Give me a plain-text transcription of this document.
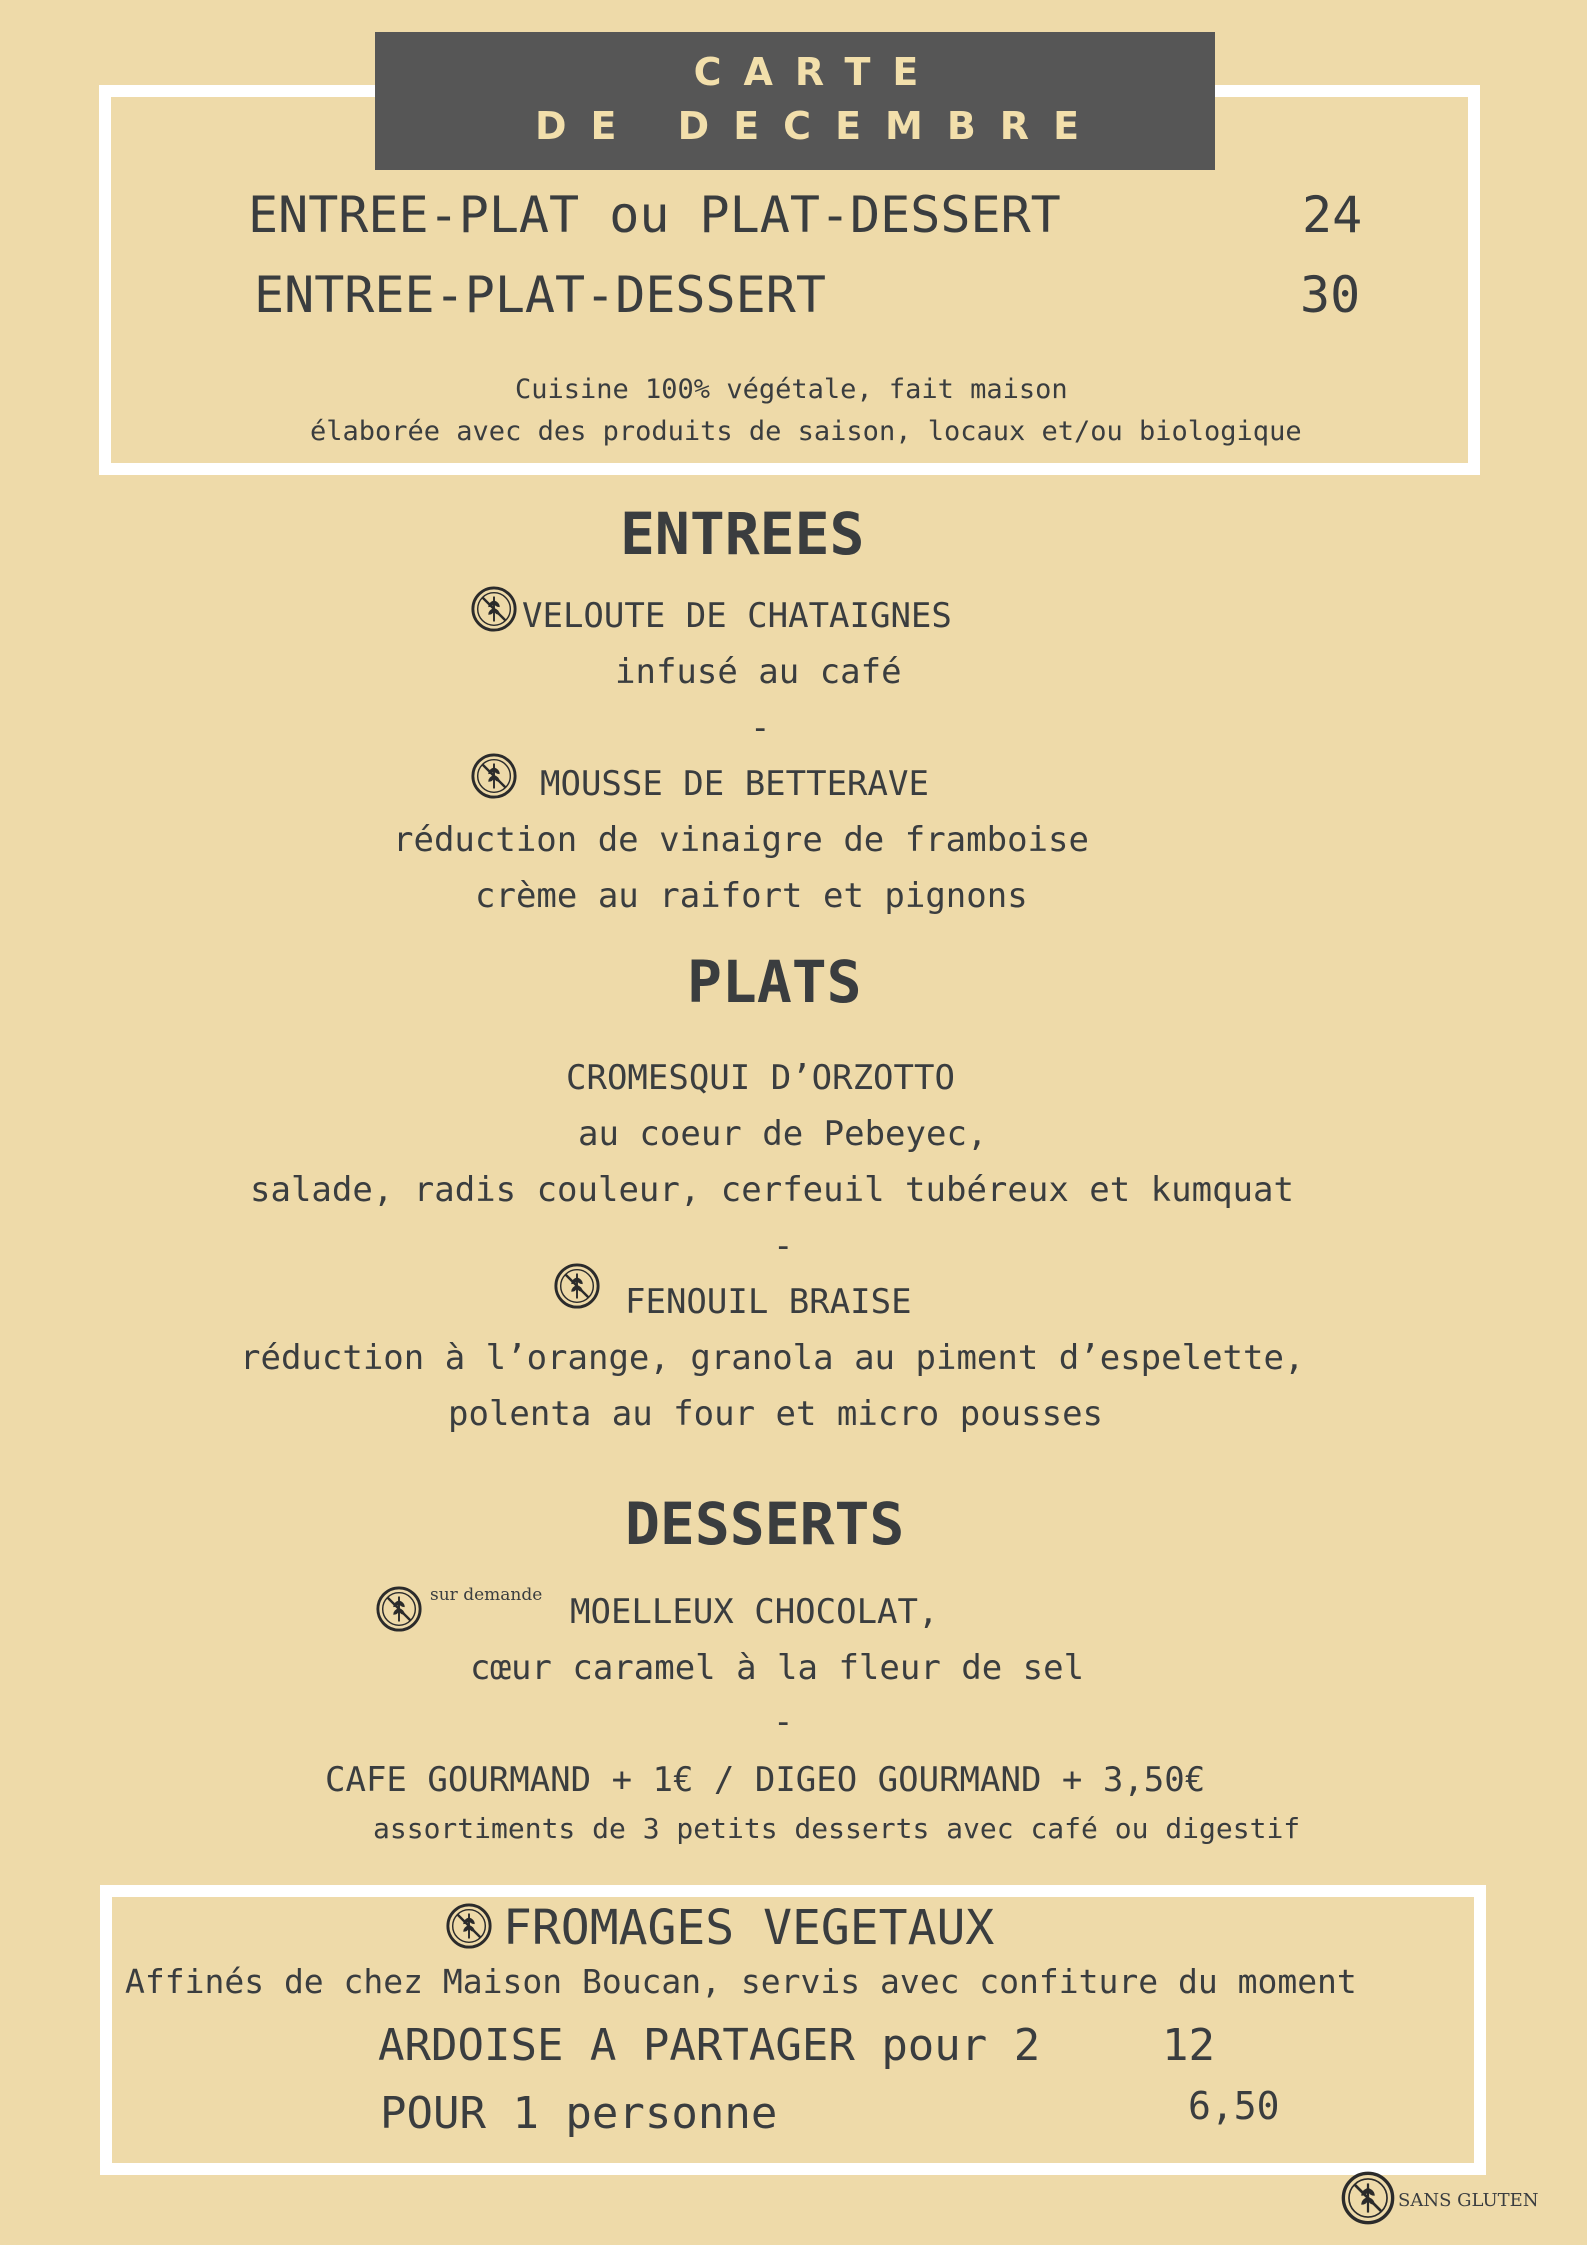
CARTE
DE DECEMBRE
ENTREE-PLAT ou PLAT-DESSERT	24
ENTREE-PLAT-DESSERT	30
Cuisine 100% végétale, fait maison
élaborée avec des produits de saison, locaux et/ou biologique
ENTREES
VELOUTE DE CHATAIGNES
infusé au café
-
MOUSSE DE BETTERAVE
réduction de vinaigre de framboise
crème au raifort et pignons
PLATS
CROMESQUI D’ORZOTTO
au coeur de Pebeyec,
salade, radis couleur, cerfeuil tubéreux et kumquat
-
FENOUIL BRAISE
réduction à l’orange, granola au piment d’espelette,
polenta au four et micro pousses
DESSERTS
sur demande MOELLEUX CHOCOLAT,
cœur caramel à la fleur de sel
-
CAFE GOURMAND + 1€ / DIGEO GOURMAND + 3,50€
assortiments de 3 petits desserts avec café ou digestif
FROMAGES VEGETAUX
Affinés de chez Maison Boucan, servis avec confiture du moment
ARDOISE A PARTAGER pour 2	12
POUR 1 personne	6,50
SANS GLUTEN
